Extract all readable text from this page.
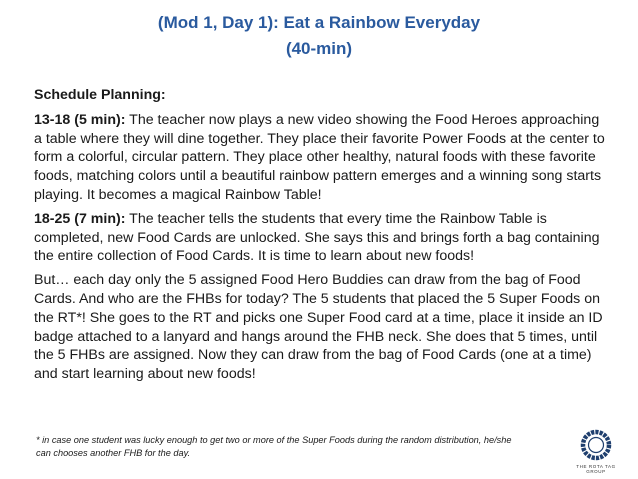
(Mod 1, Day 1): Eat a Rainbow Everyday
(40-min)

Schedule Planning:

13-18 (5 min): The teacher now plays a new video showing the Food Heroes approaching a table where they will dine together. They place their favorite Power Foods at the center to form a colorful, circular pattern. They place other healthy, natural foods with these favorite foods, matching colors until a beautiful rainbow pattern emerges and a winning song starts playing. It becomes a magical Rainbow Table!

18-25 (7 min): The teacher tells the students that every time the Rainbow Table is completed, new Food Cards are unlocked. She says this and brings forth a bag containing the entire collection of Food Cards. It is time to learn about new foods!

But… each day only the 5 assigned Food Hero Buddies can draw from the bag of Food Cards. And who are the FHBs for today? The 5 students that placed the 5 Super Foods on the RT*! She goes to the RT and picks one Super Food card at a time, place it inside an ID badge attached to a lanyard and hangs around the FHB neck. She does that 5 times, until the 5 FHBs are assigned. Now they can draw from the bag of Food Cards (one at a time) and start learning about new foods!

* in case one student was lucky enough to get two or more of the Super Foods during the random distribution, he/she
can chooses another FHB for the day.
THE ROTA TAG GROUP
